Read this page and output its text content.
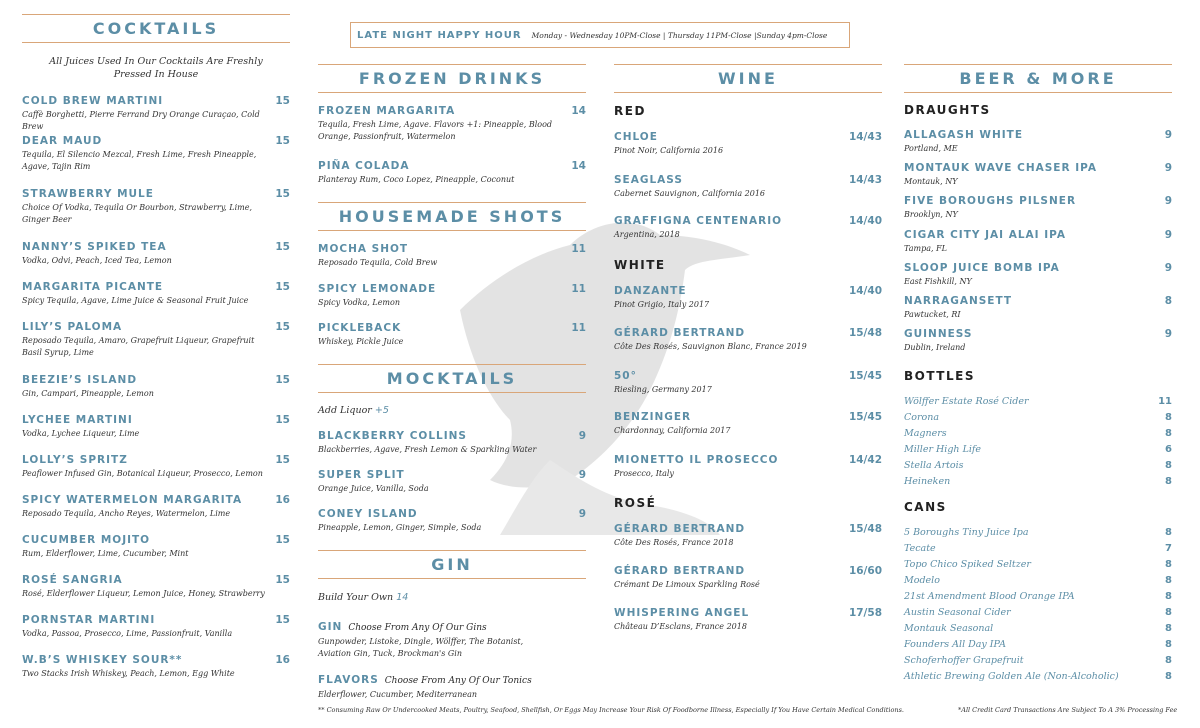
LATE NIGHT HAPPY HOUR Monday - Wednesday 10PM-Close | Thursday 11PM-Close |Sunday 4pm-Close
COCKTAILS
All Juices Used In Our Cocktails Are Freshly Pressed In House
COLD BREW MARTINI	15
Caffè Borghetti, Pierre Ferrand Dry Orange Curaçao, Cold Brew
DEAR MAUD	15
Tequila, El Silencio Mezcal, Fresh Lime, Fresh Pineapple, Agave, Tajin Rim
STRAWBERRY MULE	15
Choice Of Vodka, Tequila Or Bourbon, Strawberry, Lime, Ginger Beer
NANNY’S SPIKED TEA	15
Vodka, Odvi, Peach, Iced Tea, Lemon
MARGARITA PICANTE	15
Spicy Tequila, Agave, Lime Juice & Seasonal Fruit Juice
LILY’S PALOMA	15
Reposado Tequila, Amaro, Grapefruit Liqueur, Grapefruit Basil Syrup, Lime
BEEZIE’S ISLAND	15
Gin, Campari, Pineapple, Lemon
LYCHEE MARTINI	15
Vodka, Lychee Liqueur, Lime
LOLLY’S SPRITZ	15
Peaflower Infused Gin, Botanical Liqueur, Prosecco, Lemon
SPICY WATERMELON MARGARITA	16
Reposado Tequila, Ancho Reyes, Watermelon, Lime
CUCUMBER MOJITO	15
Rum, Elderflower, Lime, Cucumber, Mint
ROSÉ SANGRIA	15
Rosé, Elderflower Liqueur, Lemon Juice, Honey, Strawberry
PORNSTAR MARTINI	15
Vodka, Passoa, Prosecco, Lime, Passionfruit, Vanilla
W.B’S WHISKEY SOUR**	16
Two Stacks Irish Whiskey, Peach, Lemon, Egg White
FROZEN DRINKS
FROZEN MARGARITA	14
Tequila, Fresh Lime, Agave. Flavors +1: Pineapple, Blood Orange, Passionfruit, Watermelon
PIÑA COLADA	14
Planteray Rum, Coco Lopez, Pineapple, Coconut
HOUSEMADE SHOTS
MOCHA SHOT	11
Reposado Tequila, Cold Brew
SPICY LEMONADE	11
Spicy Vodka, Lemon
PICKLEBACK	11
Whiskey, Pickle Juice
MOCKTAILS
Add Liquor +5
BLACKBERRY COLLINS	9
Blackberries, Agave, Fresh Lemon & Sparkling Water
SUPER SPLIT	9
Orange Juice, Vanilla, Soda
CONEY ISLAND	9
Pineapple, Lemon, Ginger, Simple, Soda
GIN
Build Your Own 14
GIN Choose From Any Of Our Gins
Gunpowder, Listoke, Dingle, Wölffer, The Botanist, Aviation Gin, Tuck, Brockman's Gin
FLAVORS Choose From Any Of Our Tonics
Elderflower, Cucumber, Mediterranean
WINE
RED
CHLOE	14/43
Pinot Noir, California 2016
SEAGLASS	14/43
Cabernet Sauvignon, California 2016
GRAFFIGNA CENTENARIO	14/40
Argentina, 2018
WHITE
DANZANTE	14/40
Pinot Grigio, Italy 2017
GÉRARD BERTRAND	15/48
Côte Des Rosés, Sauvignon Blanc, France 2019
50°	15/45
Riesling, Germany 2017
BENZINGER	15/45
Chardonnay, California 2017
MIONETTO IL PROSECCO	14/42
Prosecco, Italy
ROSÉ
GÉRARD BERTRAND	15/48
Côte Des Rosés, France 2018
GÉRARD BERTRAND	16/60
Crémant De Limoux Sparkling Rosé
WHISPERING ANGEL	17/58
Château D’Esclans, France 2018
BEER & MORE
DRAUGHTS
ALLAGASH WHITE	9
Portland, ME
MONTAUK WAVE CHASER IPA	9
Montauk, NY
FIVE BOROUGHS PILSNER	9
Brooklyn, NY
CIGAR CITY JAI ALAI IPA	9
Tampa, FL
SLOOP JUICE BOMB IPA	9
East Fishkill, NY
NARRAGANSETT	8
Pawtucket, RI
GUINNESS	9
Dublin, Ireland
BOTTLES
Wölffer Estate Rosé Cider	11
Corona	8
Magners	8
Miller High Life	6
Stella Artois	8
Heineken	8
CANS
5 Boroughs Tiny Juice Ipa	8
Tecate	7
Topo Chico Spiked Seltzer	8
Modelo	8
21st Amendment Blood Orange IPA	8
Austin Seasonal Cider	8
Montauk Seasonal	8
Founders All Day IPA	8
Schoferhoffer Grapefruit	8
Athletic Brewing Golden Ale (Non-Alcoholic)	8
** Consuming Raw Or Undercooked Meats, Poultry, Seafood, Shellfish, Or Eggs May Increase Your Risk Of Foodborne Illness, Especially If You Have Certain Medical Conditions.	*All Credit Card Transactions Are Subject To A 3% Processing Fee
